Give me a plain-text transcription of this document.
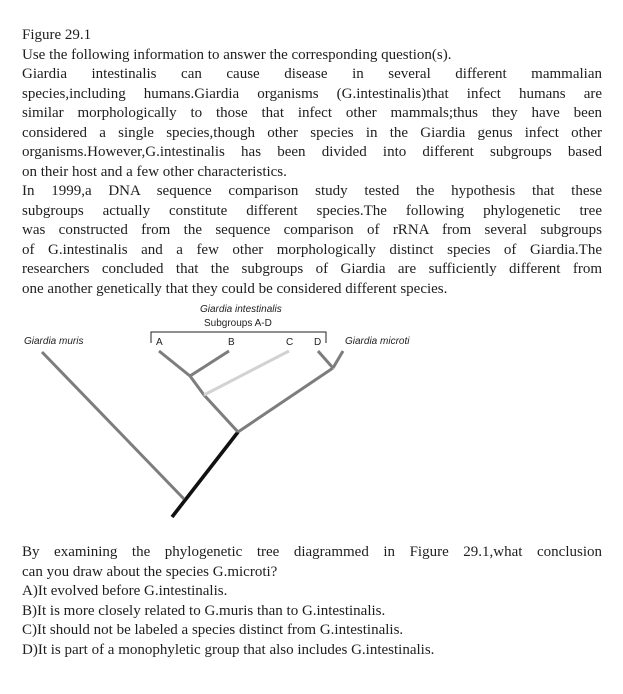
Figure 29.1
Use the following information to answer the corresponding question(s).
Giardia intestinalis can cause disease in several different mammalian
species,including humans.Giardia organisms (G.intestinalis)that infect humans are
similar morphologically to those that infect other mammals;thus they have been
considered a single species,though other species in the Giardia genus infect other
organisms.However,G.intestinalis has been divided into different subgroups based
on their host and a few other characteristics.
In 1999,a DNA sequence comparison study tested the hypothesis that these
subgroups actually constitute different species.The following phylogenetic tree
was constructed from the sequence comparison of rRNA from several subgroups
of G.intestinalis and a few other morphologically distinct species of Giardia.The
researchers concluded that the subgroups of Giardia are sufficiently different from
one another genetically that they could be considered different species.
Giardia intestinalis
Subgroups A-D
Giardia muris	Giardia microti
A	B	C D
By examining the phylogenetic tree diagrammed in Figure 29.1,what conclusion
can you draw about the species G.microti?
A)It evolved before G.intestinalis.
B)It is more closely related to G.muris than to G.intestinalis.
C)It should not be labeled a species distinct from G.intestinalis.
D)It is part of a monophyletic group that also includes G.intestinalis.
